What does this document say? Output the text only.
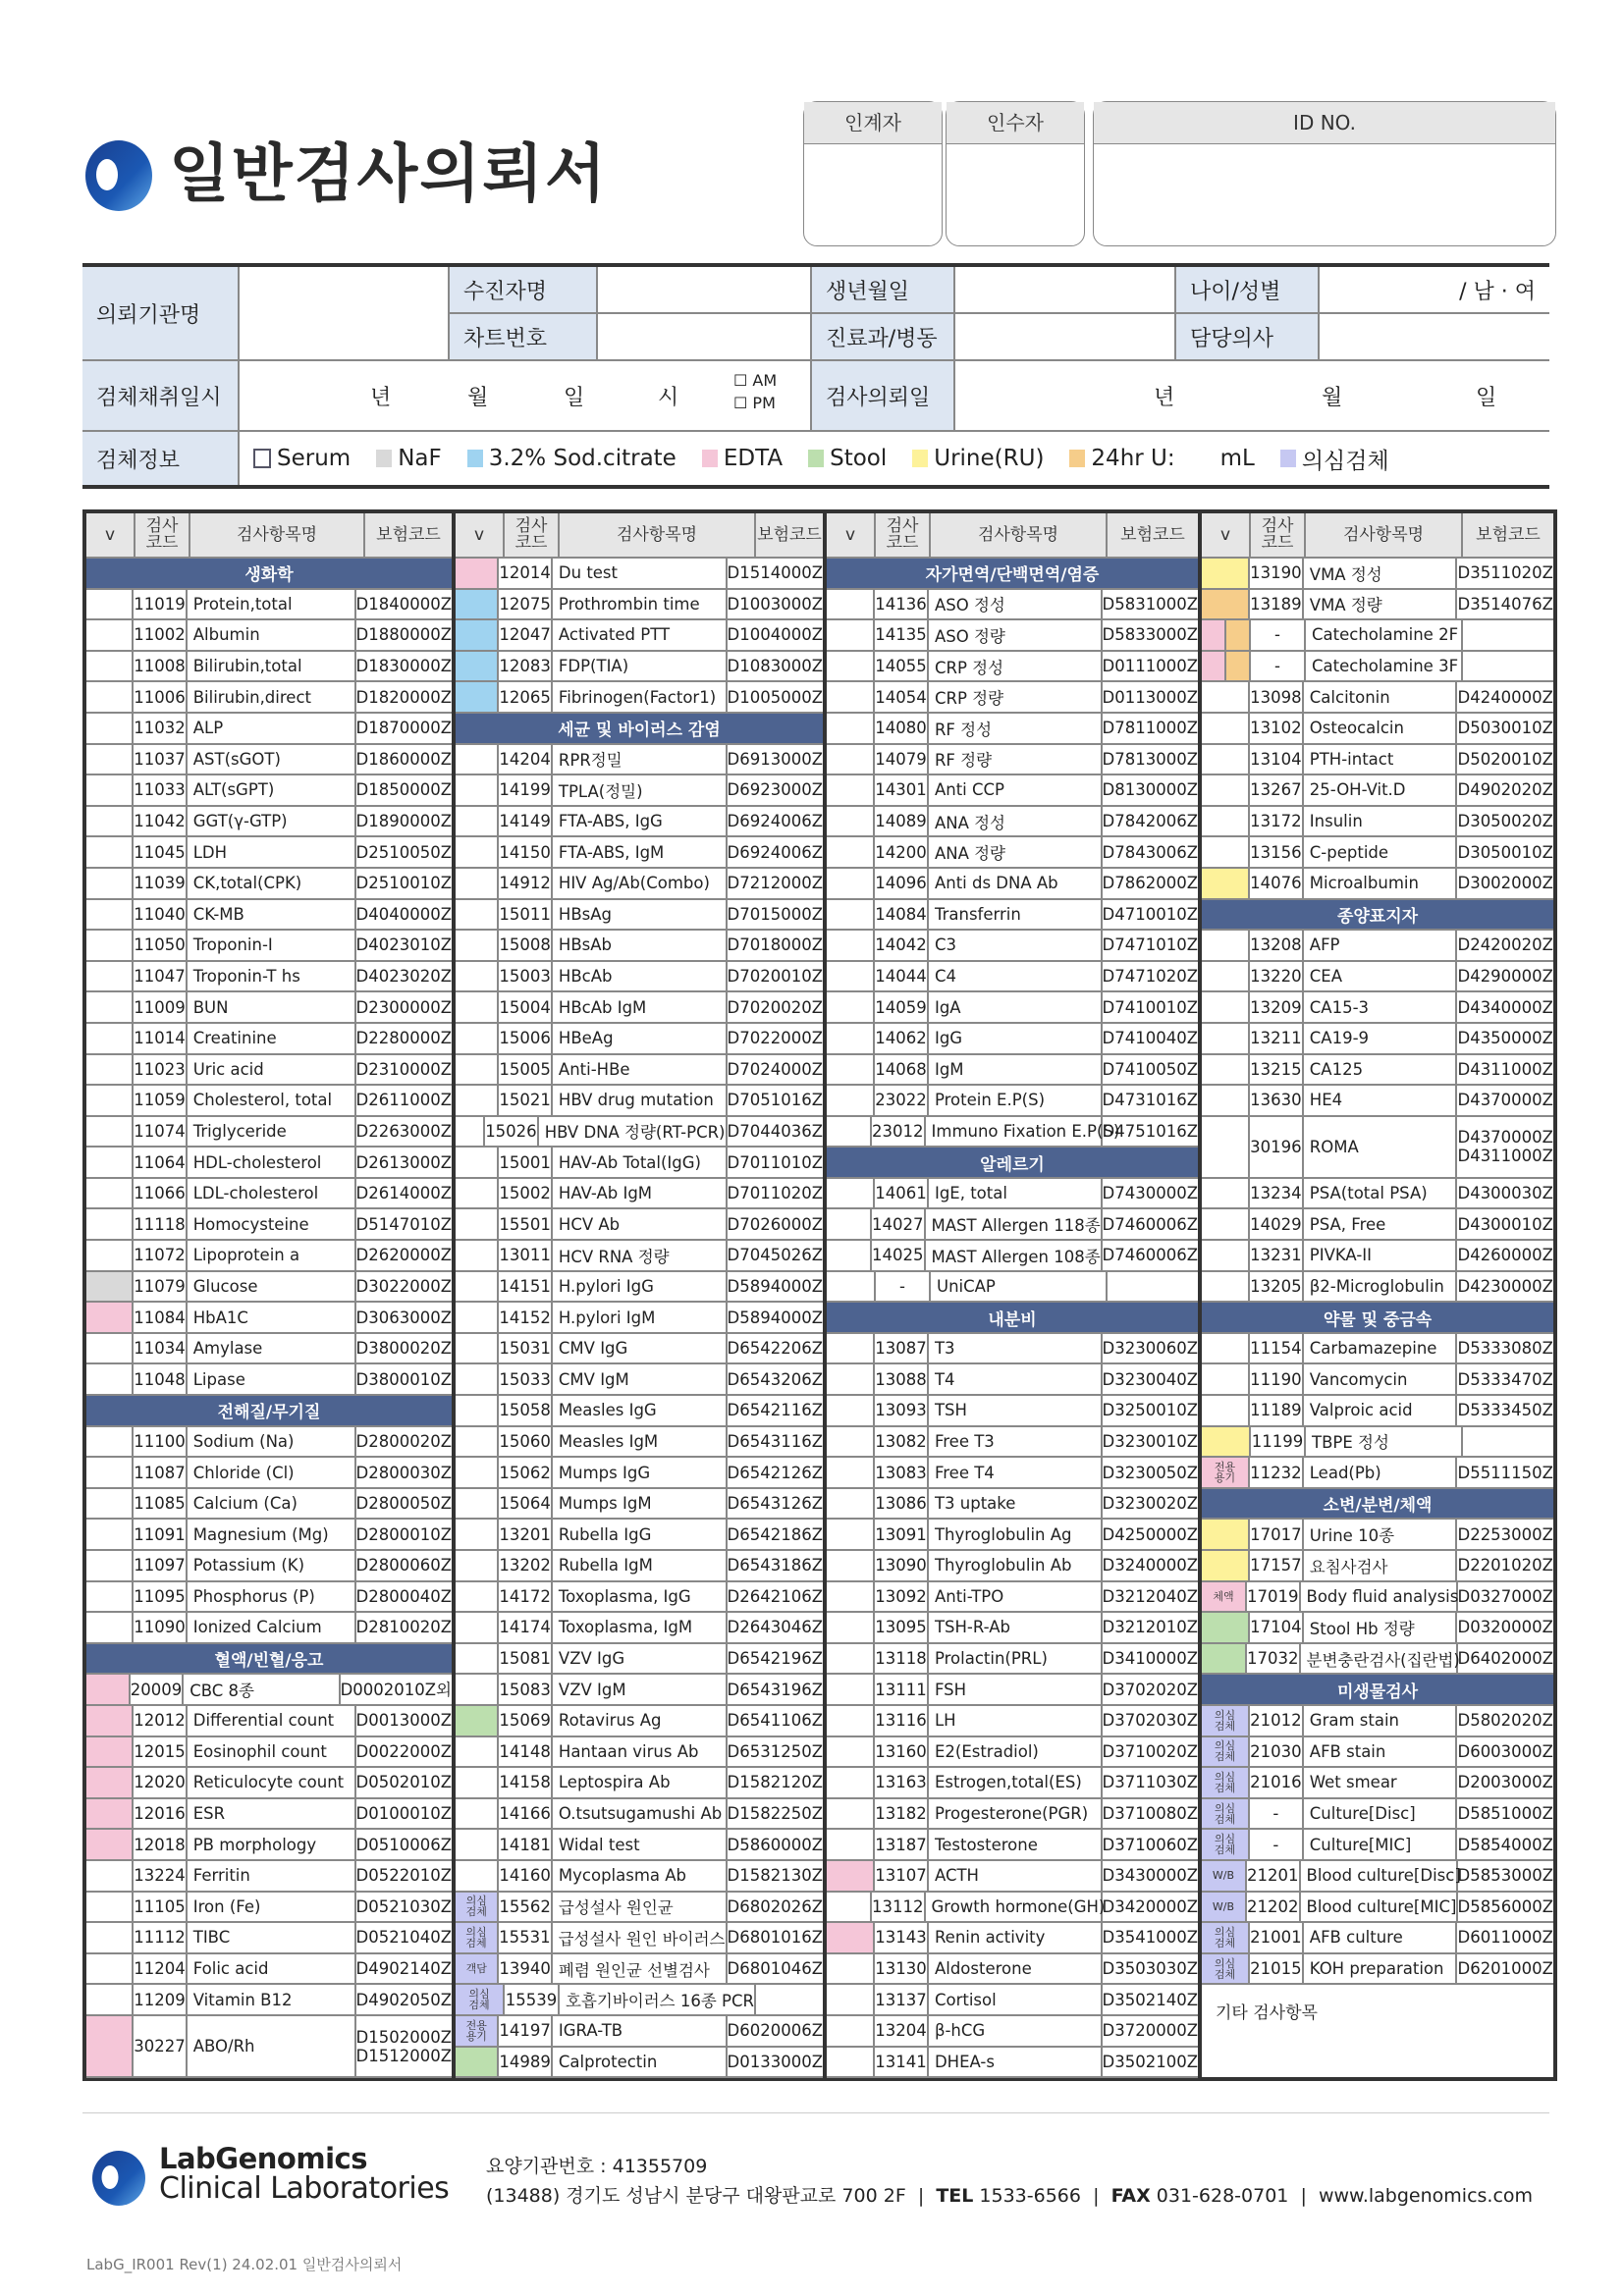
일반검사의뢰서
인계자	인수자	ID NO.
의뢰기관명
수진자명	생년월일	나이/성별	/ 남 · 여
차트번호	진료과/병동	담당의사
검체채취일시	년	월	일	시
☐ AM
☐ PM	검사의뢰일	년	월	일
검체정보	Serum NaF 3.2% Sod.citrate EDTA Stool Urine(RU) 24hr U: mL 의심검체
v	검사
코드	검사항목명	보험코드
생화학
11019 Protein,total	D1840000Z
11002 Albumin	D1880000Z
11008 Bilirubin,total	D1830000Z
11006 Bilirubin,direct	D1820000Z
11032 ALP	D1870000Z
11037 AST(sGOT)	D1860000Z
11033 ALT(sGPT)	D1850000Z
11042 GGT(γ-GTP)	D1890000Z
11045 LDH	D2510050Z
11039 CK,total(CPK)	D2510010Z
11040 CK-MB	D4040000Z
11050 Troponin-I	D4023010Z
11047 Troponin-T hs	D4023020Z
11009 BUN	D2300000Z
11014 Creatinine	D2280000Z
11023 Uric acid	D2310000Z
11059 Cholesterol, total	D2611000Z
11074 Triglyceride	D2263000Z
11064 HDL-cholesterol	D2613000Z
11066 LDL-cholesterol	D2614000Z
11118 Homocysteine	D5147010Z
11072 Lipoprotein a	D2620000Z
11079 Glucose	D3022000Z
11084 HbA1C	D3063000Z
11034 Amylase	D3800020Z
11048 Lipase	D3800010Z
전해질/무기질
11100 Sodium (Na)	D2800020Z
11087 Chloride (Cl)	D2800030Z
11085 Calcium (Ca)	D2800050Z
11091 Magnesium (Mg)	D2800010Z
11097 Potassium (K)	D2800060Z
11095 Phosphorus (P)	D2800040Z
11090 Ionized Calcium	D2810020Z
혈액/빈혈/응고
20009 CBC 8종	D0002010Z외
12012 Differential count	D0013000Z
12015 Eosinophil count	D0022000Z
12020 Reticulocyte count D0502010Z
12016 ESR	D0100010Z
12018 PB morphology	D0510006Z
13224 Ferritin	D0522010Z
11105 Iron (Fe)	D0521030Z
11112 TIBC	D0521040Z
11204 Folic acid	D4902140Z
11209 Vitamin B12	D4902050Z
30227 ABO/Rh	D1502000Z
D1512000Z
v	검사
코드	검사항목명	보험코드
12014 Du test	D1514000Z
12075 Prothrombin time	D1003000Z
12047 Activated PTT	D1004000Z
12083 FDP(TIA)	D1083000Z
12065 Fibrinogen(Factor1) D1005000Z
세균 및 바이러스 감염
14204 RPR정밀	D6913000Z
14199 TPLA(정밀)	D6923000Z
14149 FTA-ABS, IgG	D6924006Z
14150 FTA-ABS, IgM	D6924006Z
14912 HIV Ag/Ab(Combo)	D7212000Z
15011 HBsAg	D7015000Z
15008 HBsAb	D7018000Z
15003 HBcAb	D7020010Z
15004 HBcAb IgM	D7020020Z
15006 HBeAg	D7022000Z
15005 Anti-HBe	D7024000Z
15021 HBV drug mutation D7051016Z
15026 HBV DNA 정량(RT-PCR) D7044036Z
15001 HAV-Ab Total(IgG)	D7011010Z
15002 HAV-Ab IgM	D7011020Z
15501 HCV Ab	D7026000Z
13011 HCV RNA 정량	D7045026Z
14151 H.pylori IgG	D5894000Z
14152 H.pylori IgM	D5894000Z
15031 CMV IgG	D6542206Z
15033 CMV IgM	D6543206Z
15058 Measles IgG	D6542116Z
15060 Measles IgM	D6543116Z
15062 Mumps IgG	D6542126Z
15064 Mumps IgM	D6543126Z
13201 Rubella IgG	D6542186Z
13202 Rubella IgM	D6543186Z
14172 Toxoplasma, IgG	D2642106Z
14174 Toxoplasma, IgM	D2643046Z
15081 VZV IgG	D6542196Z
15083 VZV IgM	D6543196Z
15069 Rotavirus Ag	D6541106Z
14148 Hantaan virus Ab	D6531250Z
14158 Leptospira Ab	D1582120Z
14166 O.tsutsugamushi Ab D1582250Z
14181 Widal test	D5860000Z
14160 Mycoplasma Ab	D1582130Z
의심
검체 15562 급성설사 원인균	D6802026Z
의심
검체 15531 급성설사 원인 바이러스 D6801016Z
객담 13940 폐렴 원인균 선별검사	D6801046Z
의심
검체 15539 호흡기바이러스 16종 PCR
전용
용기 14197 IGRA-TB	D6020006Z
14989 Calprotectin	D0133000Z
v	검사
코드	검사항목명	보험코드
자가면역/단백면역/염증
14136 ASO 정성	D5831000Z
14135 ASO 정량	D5833000Z
14055 CRP 정성	D0111000Z
14054 CRP 정량	D0113000Z
14080 RF 정성	D7811000Z
14079 RF 정량	D7813000Z
14301 Anti CCP	D8130000Z
14089 ANA 정성	D7842006Z
14200 ANA 정량	D7843006Z
14096 Anti ds DNA Ab	D7862000Z
14084 Transferrin	D4710010Z
14042 C3	D7471010Z
14044 C4	D7471020Z
14059 IgA	D7410010Z
14062 IgG	D7410040Z
14068 IgM	D7410050Z
23022 Protein E.P(S)	D4731016Z
23012 Immuno Fixation E.P(S)
D4751016Z
알레르기
14061 IgE, total	D7430000Z
14027 MAST Allergen 118종 D7460006Z
14025 MAST Allergen 108종 D7460006Z
-	UniCAP
내분비
13087 T3	D3230060Z
13088 T4	D3230040Z
13093 TSH	D3250010Z
13082 Free T3	D3230010Z
13083 Free T4	D3230050Z
13086 T3 uptake	D3230020Z
13091 Thyroglobulin Ag	D4250000Z
13090 Thyroglobulin Ab	D3240000Z
13092 Anti-TPO	D3212040Z
13095 TSH-R-Ab	D3212010Z
13118 Prolactin(PRL)	D3410000Z
13111 FSH	D3702020Z
13116 LH	D3702030Z
13160 E2(Estradiol)	D3710020Z
13163 Estrogen,total(ES)	D3711030Z
13182 Progesterone(PGR) D3710080Z
13187 Testosterone	D3710060Z
13107 ACTH	D3430000Z
13112 Growth hormone(GH)
D3420000Z
13143 Renin activity	D3541000Z
13130 Aldosterone	D3503030Z
13137 Cortisol	D3502140Z
13204 β-hCG	D3720000Z
13141 DHEA-s	D3502100Z
v	검사
코드	검사항목명	보험코드
13190 VMA 정성	D3511020Z
13189 VMA 정량	D3514076Z
-	Catecholamine 2F
-	Catecholamine 3F
13098 Calcitonin	D4240000Z
13102 Osteocalcin	D5030010Z
13104 PTH-intact	D5020010Z
13267 25-OH-Vit.D	D4902020Z
13172 Insulin	D3050020Z
13156 C-peptide	D3050010Z
14076 Microalbumin	D3002000Z
종양표지자
13208 AFP	D2420020Z
13220 CEA	D4290000Z
13209 CA15-3	D4340000Z
13211 CA19-9	D4350000Z
13215 CA125	D4311000Z
13630 HE4	D4370000Z
30196 ROMA	D4370000Z
D4311000Z
13234 PSA(total PSA)	D4300030Z
14029 PSA, Free	D4300010Z
13231 PIVKA-II	D4260000Z
13205 β2-Microglobulin D4230000Z
약물 및 중금속
11154 Carbamazepine	D5333080Z
11190 Vancomycin	D5333470Z
11189 Valproic acid	D5333450Z
11199 TBPE 정성
전용
용기 11232 Lead(Pb)	D5511150Z
소변/분변/체액
17017 Urine 10종	D2253000Z
17157 요침사검사	D2201020Z
체액 17019 Body fluid analysis D0327000Z
17104 Stool Hb 정량	D0320000Z
17032 분변충란검사(집란법)
D6402000Z
미생물검사
의심
검체 21012 Gram stain	D5802020Z
의심
검체 21030 AFB stain	D6003000Z
의심
검체 21016 Wet smear	D2003000Z
의심
검체	-	Culture[Disc]	D5851000Z
의심
검체	-	Culture[MIC]	D5854000Z
W/B 21201 Blood culture[Disc]
D5853000Z
W/B 21202 Blood culture[MIC] D5856000Z
의심
검체 21001 AFB culture	D6011000Z
의심
검체 21015 KOH preparation D6201000Z
기타 검사항목
LabGenomics
Clinical Laboratories
요양기관번호 : 41355709
(13488) 경기도 성남시 분당구 대왕판교로 700 2F  |  TEL 1533-6566  |  FAX 031-628-0701  |  www.labgenomics.com
LabG_IR001 Rev(1) 24.02.01 일반검사의뢰서
